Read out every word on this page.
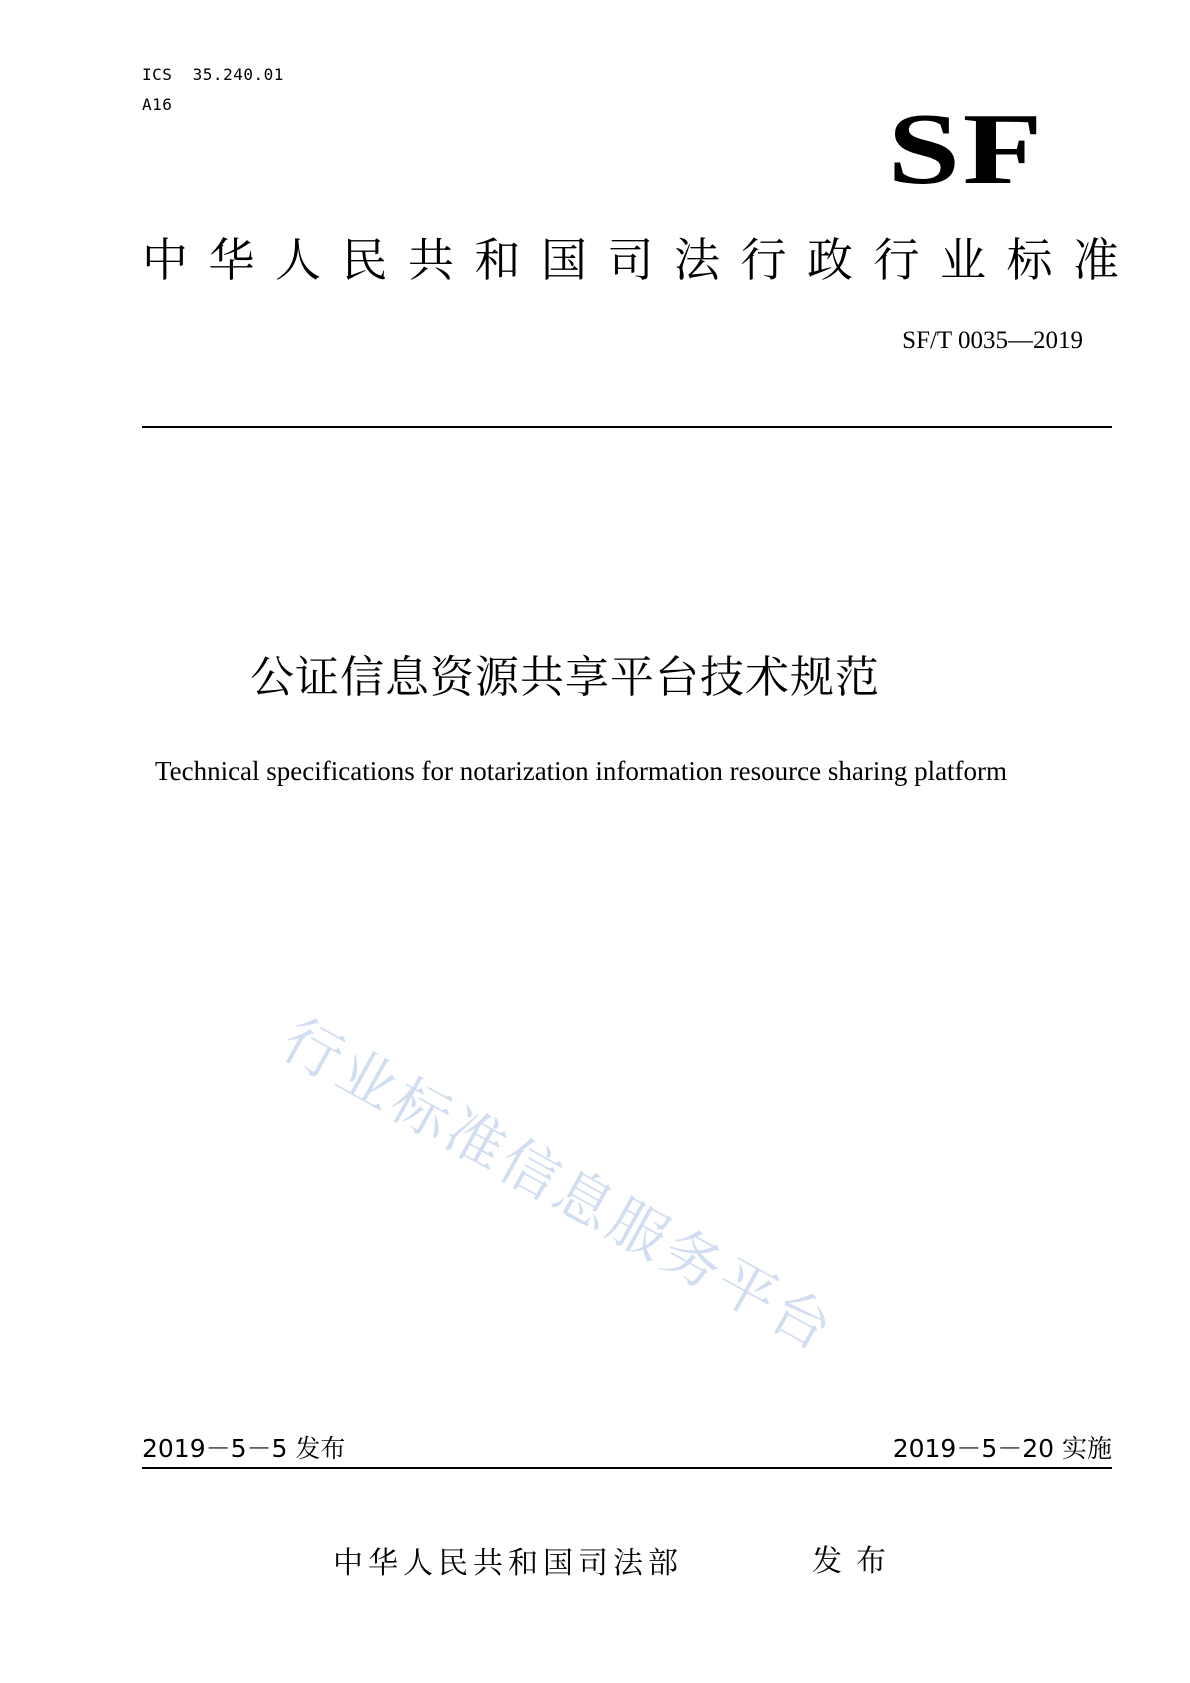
ICS  35.240.01
A16	SF
中华人民共和国司法行政行业标准
SF/T 0035—2019
公证信息资源共享平台技术规范
Technical specifications for notarization information resource sharing platform
行业标准信息服务平台
2019－5－5 发布	2019－5－20 实施
中华人民共和国司法部	发布
